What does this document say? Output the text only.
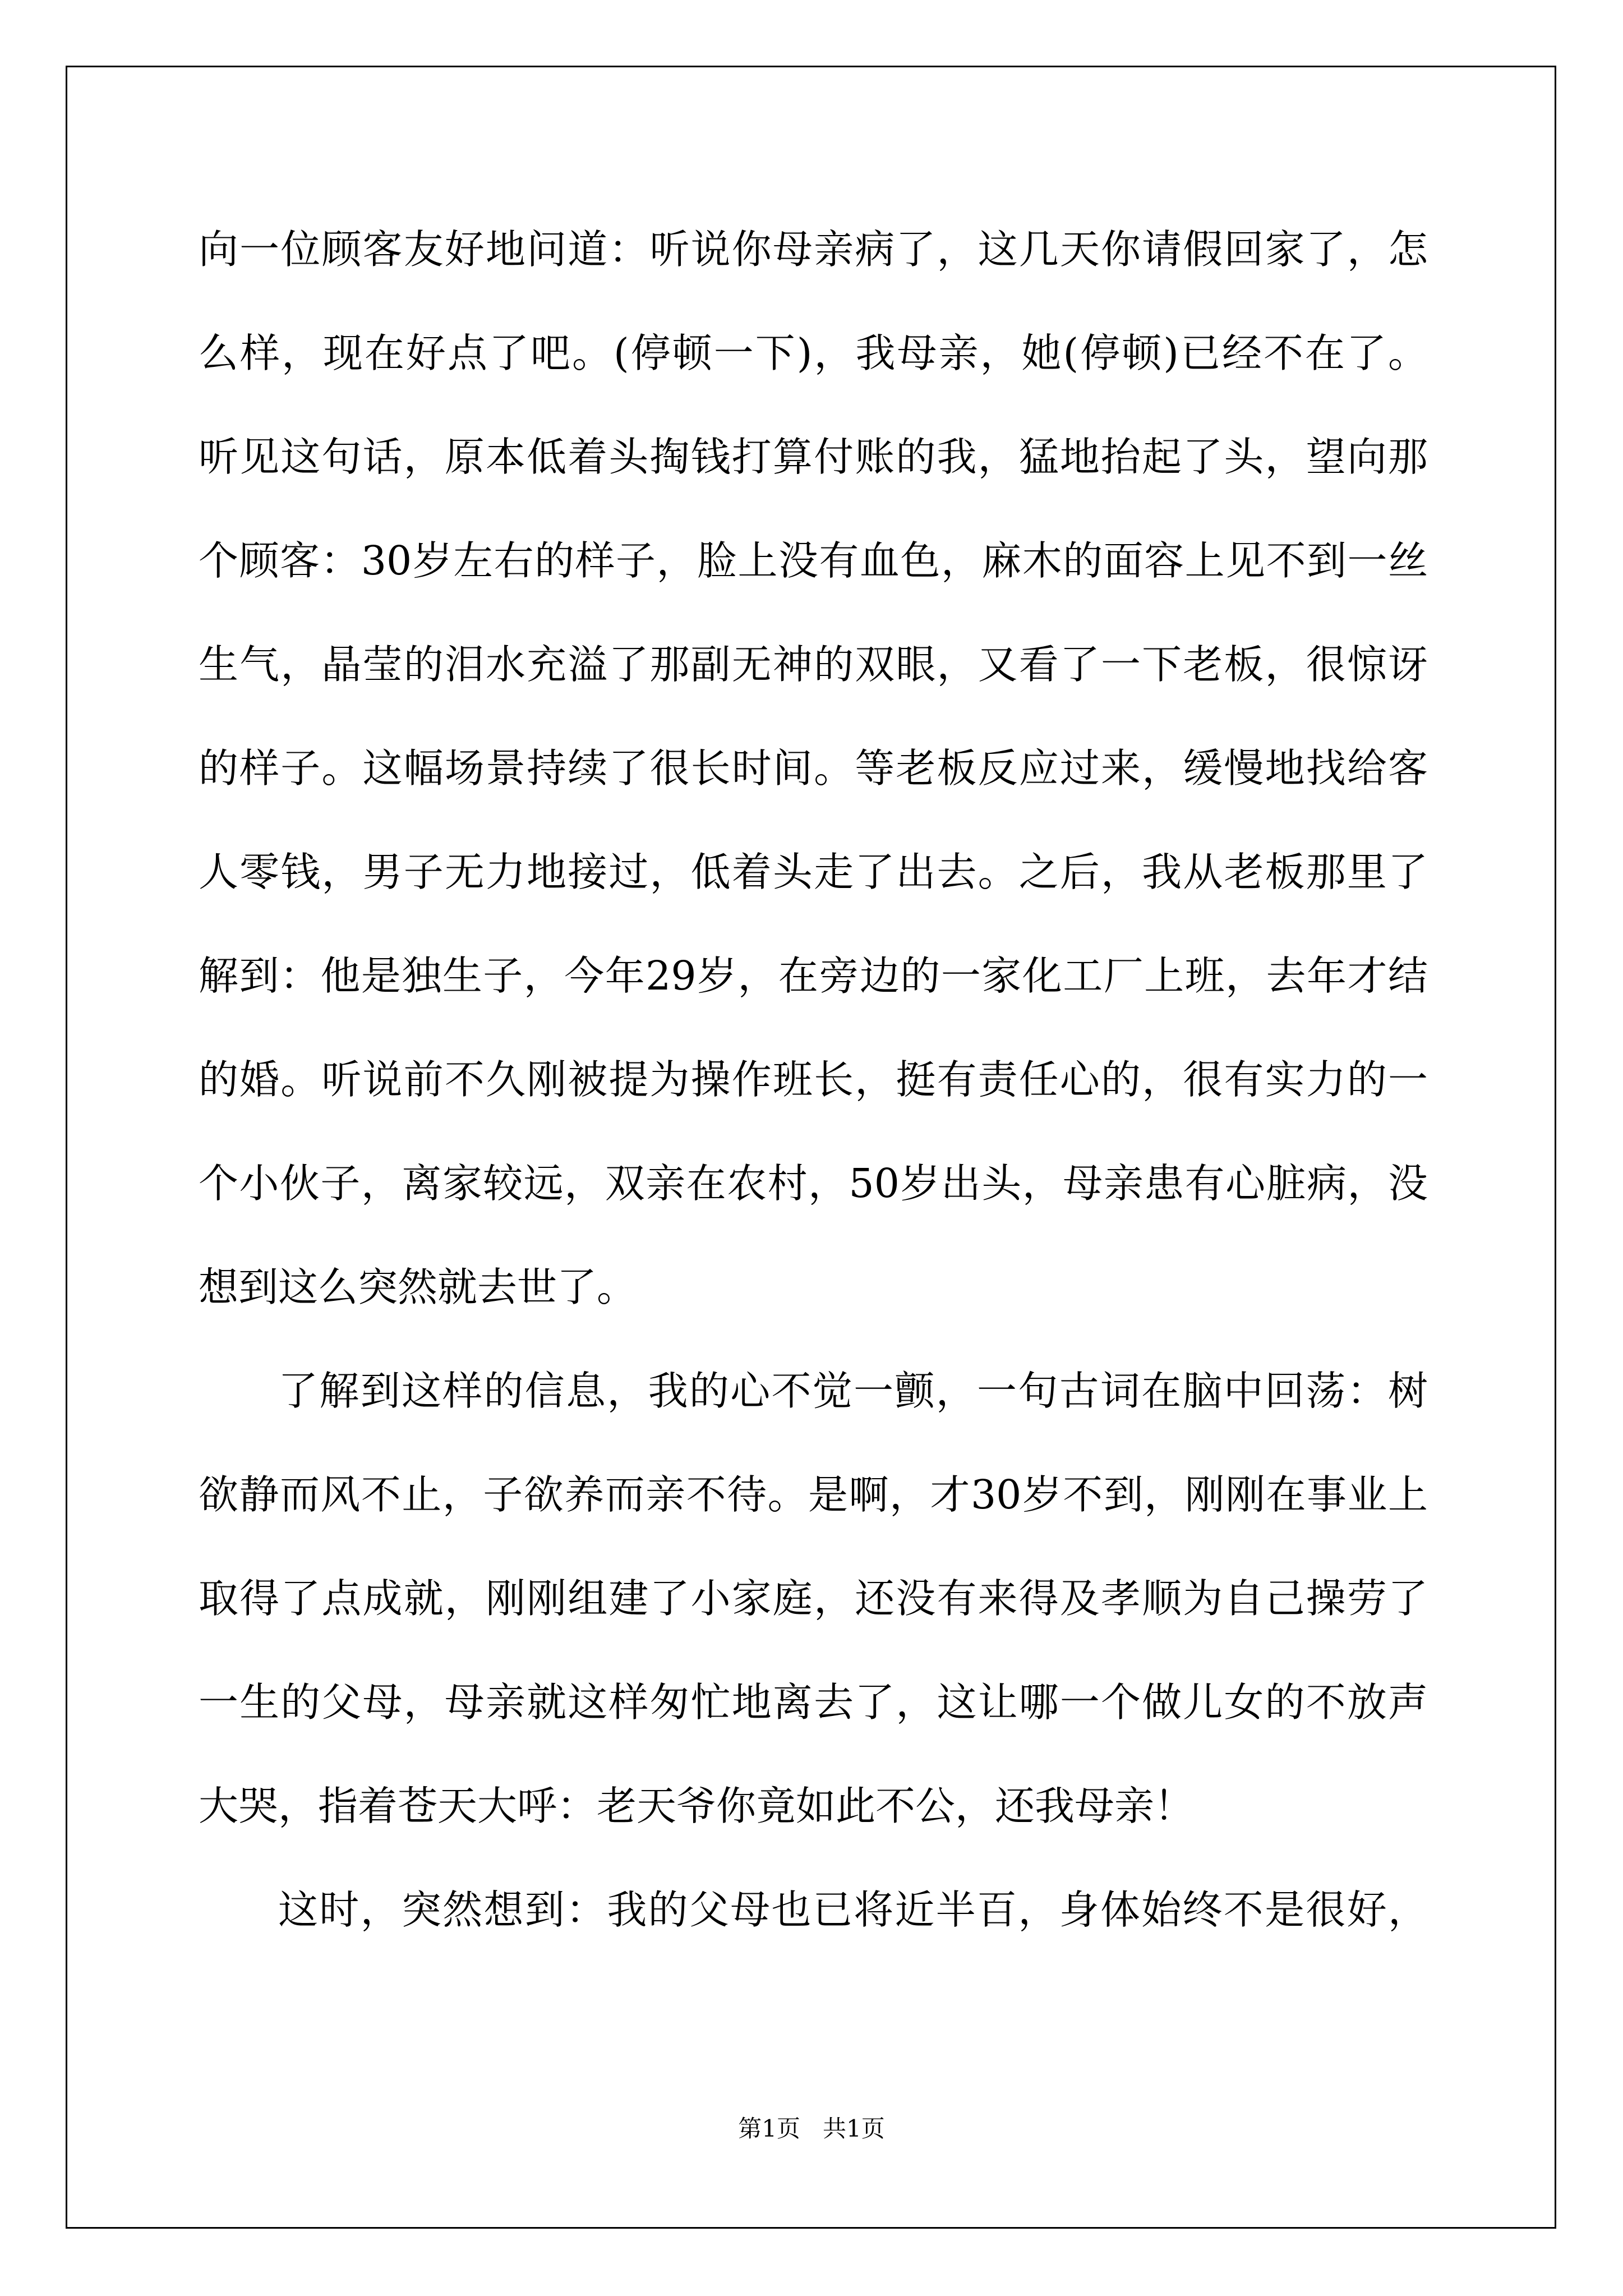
向一位顾客友好地问道：听说你母亲病了，这几天你请假回家了，怎
么样，现在好点了吧。(停顿一下)，我母亲，她(停顿)已经不在了。
听见这句话，原本低着头掏钱打算付账的我，猛地抬起了头，望向那
个顾客：30岁左右的样子，脸上没有血色，麻木的面容上见不到一丝
生气，晶莹的泪水充溢了那副无神的双眼，又看了一下老板，很惊讶
的样子。这幅场景持续了很长时间。等老板反应过来，缓慢地找给客
人零钱，男子无力地接过，低着头走了出去。之后，我从老板那里了
解到：他是独生子，今年29岁，在旁边的一家化工厂上班，去年才结
的婚。听说前不久刚被提为操作班长，挺有责任心的，很有实力的一
个小伙子，离家较远，双亲在农村，50岁出头，母亲患有心脏病，没
想到这么突然就去世了。
了解到这样的信息，我的心不觉一颤，一句古词在脑中回荡：树
欲静而风不止，子欲养而亲不待。是啊，才30岁不到，刚刚在事业上
取得了点成就，刚刚组建了小家庭，还没有来得及孝顺为自己操劳了
一生的父母，母亲就这样匆忙地离去了，这让哪一个做儿女的不放声
大哭，指着苍天大呼：老天爷你竟如此不公，还我母亲！
这时，突然想到：我的父母也已将近半百，身体始终不是很好，
第1页   共1页
